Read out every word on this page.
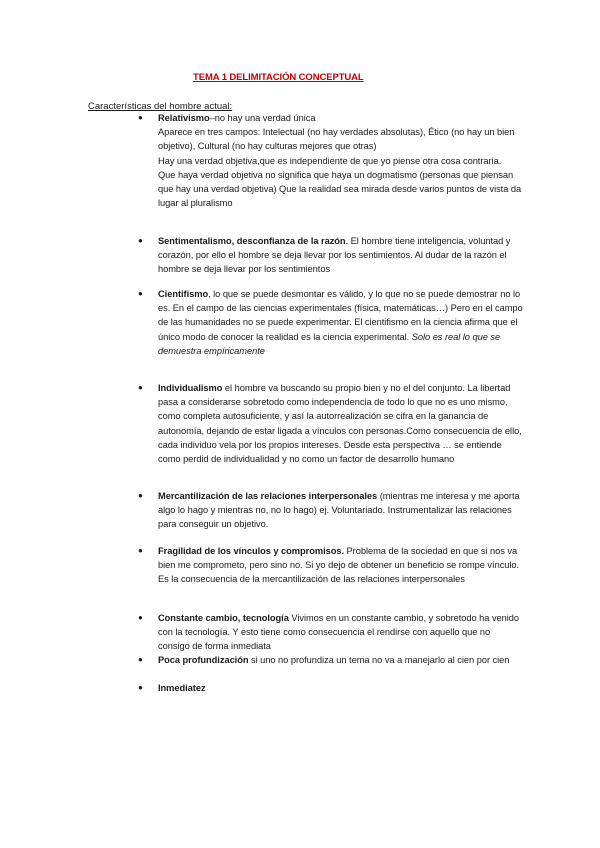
TEMA 1 DELIMITACIÓN CONCEPTUAL
Características del hombre actual:
● Relativismo–no hay una verdad única

Aparece en tres campos: Intelectual (no hay verdades absolutas), Ético (no hay un bien objetivo), Cultural (no hay culturas mejores que otras)

Hay una verdad objetiva,que es independiente de que yo piense otra cosa contraria.

Que haya verdad objetiva no significa que haya un dogmatismo (personas que piensan que hay una verdad objetiva) Que la realidad sea mirada desde varios puntos de vista da lugar al pluralismo

● Sentimentalismo, desconfianza de la razón. El hombre tiene inteligencia, voluntad y corazón, por ello el hombre se deja llevar por los sentimientos. Al dudar de la razón el hombre se deja llevar por los sentimientos

● Cientifismo, lo que se puede desmontar es válido, y lo que no se puede demostrar no lo es. En el campo de las ciencias experimentales (física, matemáticas…) Pero en el campo de las humanidades no se puede experimentar. El cientifismo en la ciencia afirma que el único modo de conocer la realidad es la ciencia experimental. Solo es real lo que se demuestra empíricamente

● Individualismo el hombre va buscando su propio bien y no el del conjunto. La libertad pasa a considerarse sobretodo como independencia de todo lo que no es uno mismo, como completa autosuficiente, y así la autorrealización se cifra en la ganancia de autonomía, dejando de estar ligada a vínculos con personas.Como consecuencia de ello, cada individuo vela por los propios intereses. Desde esta perspectiva … se entiende como perdid de individualidad y no como un factor de desarrollo humano

● Mercantilización de las relaciones interpersonales (mientras me interesa y me aporta algo lo hago y mientras no, no lo hago) ej. Voluntariado. Instrumentalizar las relaciones para conseguir un objetivo.

● Fragilidad de los vínculos y compromisos. Problema de la sociedad en que si nos va bien me comprometo, pero sino no. Si yo dejo de obtener un beneficio se rompe vínculo. Es la consecuencia de la mercantilización de las relaciones interpersonales

● Constante cambio, tecnología Vivimos en un constante cambio, y sobretodo ha venido con la tecnología. Y esto tiene como consecuencia el rendirse con aquello que no consigo de forma inmediata

● Poca profundización si uno no profundiza un tema no va a manejarlo al cien por cien

● Inmediatez
